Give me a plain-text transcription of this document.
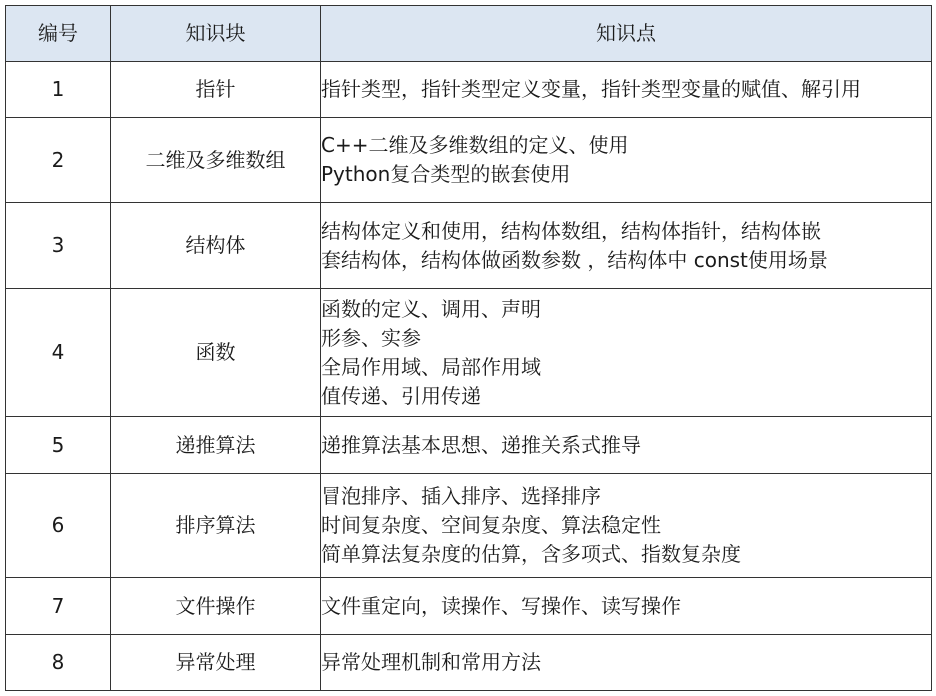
编号	知识块	知识点
1	指针	指针类型，指针类型定义变量，指针类型变量的赋值、解引用

2	二维及多维数组	C++二维及多维数组的定义、使用
Python复合类型的嵌套使用

3	结构体	结构体定义和使用，结构体数组，结构体指针，结构体嵌
套结构体，结构体做函数参数 ，结构体中 const使用场景

4	函数	函数的定义、调用、声明
形参、实参
全局作用域、局部作用域
值传递、引用传递

5	递推算法	递推算法基本思想、递推关系式推导

6	排序算法	冒泡排序、插入排序、选择排序
时间复杂度、空间复杂度、算法稳定性
简单算法复杂度的估算，含多项式、指数复杂度

7	文件操作	文件重定向，读操作、写操作、读写操作

8	异常处理	异常处理机制和常用方法
